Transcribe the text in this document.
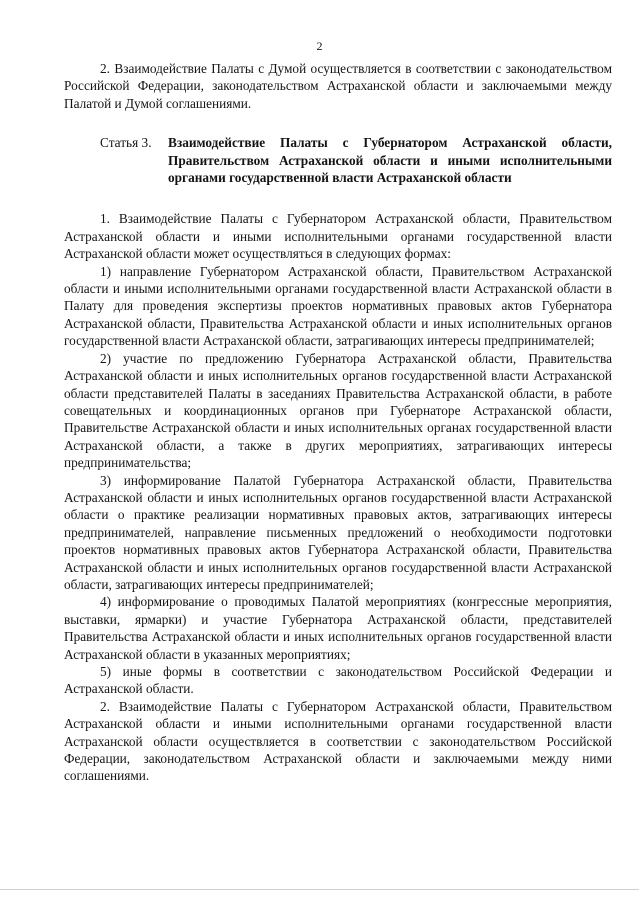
2

2. Взаимодействие Палаты с Думой осуществляется в соответствии с законодательством Российской Федерации, законодательством Астраханской области и заключаемыми между Палатой и Думой соглашениями.

Статья 3.	Взаимодействие Палаты с Губернатором Астраханской области, Правительством Астраханской области и иными исполнительными органами государственной власти Астраханской области

1. Взаимодействие Палаты с Губернатором Астраханской области, Правительством Астраханской области и иными исполнительными органами государственной власти Астраханской области может осуществляться в следующих формах:

1) направление Губернатором Астраханской области, Правительством Астраханской области и иными исполнительными органами государственной власти Астраханской области в Палату для проведения экспертизы проектов нормативных правовых актов Губернатора Астраханской области, Правительства Астраханской области и иных исполнительных органов государственной власти Астраханской области, затрагивающих интересы предпринимателей;

2) участие по предложению Губернатора Астраханской области, Правительства Астраханской области и иных исполнительных органов государственной власти Астраханской области представителей Палаты в заседаниях Правительства Астраханской области, в работе совещательных и координационных органов при Губернаторе Астраханской области, Правительстве Астраханской области и иных исполнительных органах государственной власти Астраханской области, а также в других мероприятиях, затрагивающих интересы предпринимательства;

3) информирование Палатой Губернатора Астраханской области, Правительства Астраханской области и иных исполнительных органов государственной власти Астраханской области о практике реализации нормативных правовых актов, затрагивающих интересы предпринимателей, направление письменных предложений о необходимости подготовки проектов нормативных правовых актов Губернатора Астраханской области, Правительства Астраханской области и иных исполнительных органов государственной власти Астраханской области, затрагивающих интересы предпринимателей;

4) информирование о проводимых Палатой мероприятиях (конгрессные мероприятия, выставки, ярмарки) и участие Губернатора Астраханской области, представителей Правительства Астраханской области и иных исполнительных органов государственной власти Астраханской области в указанных мероприятиях;

5) иные формы в соответствии с законодательством Российской Федерации и Астраханской области.

2. Взаимодействие Палаты с Губернатором Астраханской области, Правительством Астраханской области и иными исполнительными органами государственной власти Астраханской области осуществляется в соответствии с законодательством Российской Федерации, законодательством Астраханской области и заключаемыми между ними соглашениями.
